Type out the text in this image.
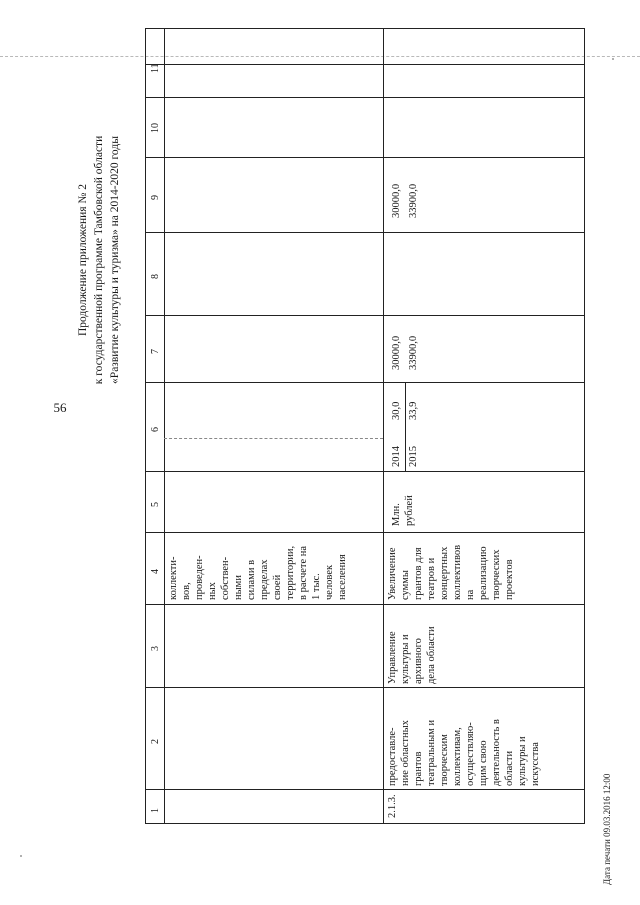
56
Продолжение приложения № 2 к государственной программе Тамбовской области «Развитие культуры и туризма» на 2014-2020 годы
Дата печати 09.03.2016 12:00
1
2
3
4
5
6
7
8
9
10
11
коллекти- вов, проведен- ных собствен- ными силами в пределах своей территории, в расчете на 1 тыс. человек населения
2.1.3.
предоставле- ние областных грантов театральным и творческим коллективам, осуществляю- щим свою деятельность в области культуры и искусства
Управление культуры и архивного дела области
Увеличение суммы грантов для театров и концертных коллективов на реализацию творческих проектов
Млн. рублей
2014 2015
30,0 33,9
30000,0 33900,0
30000,0 33900,0
